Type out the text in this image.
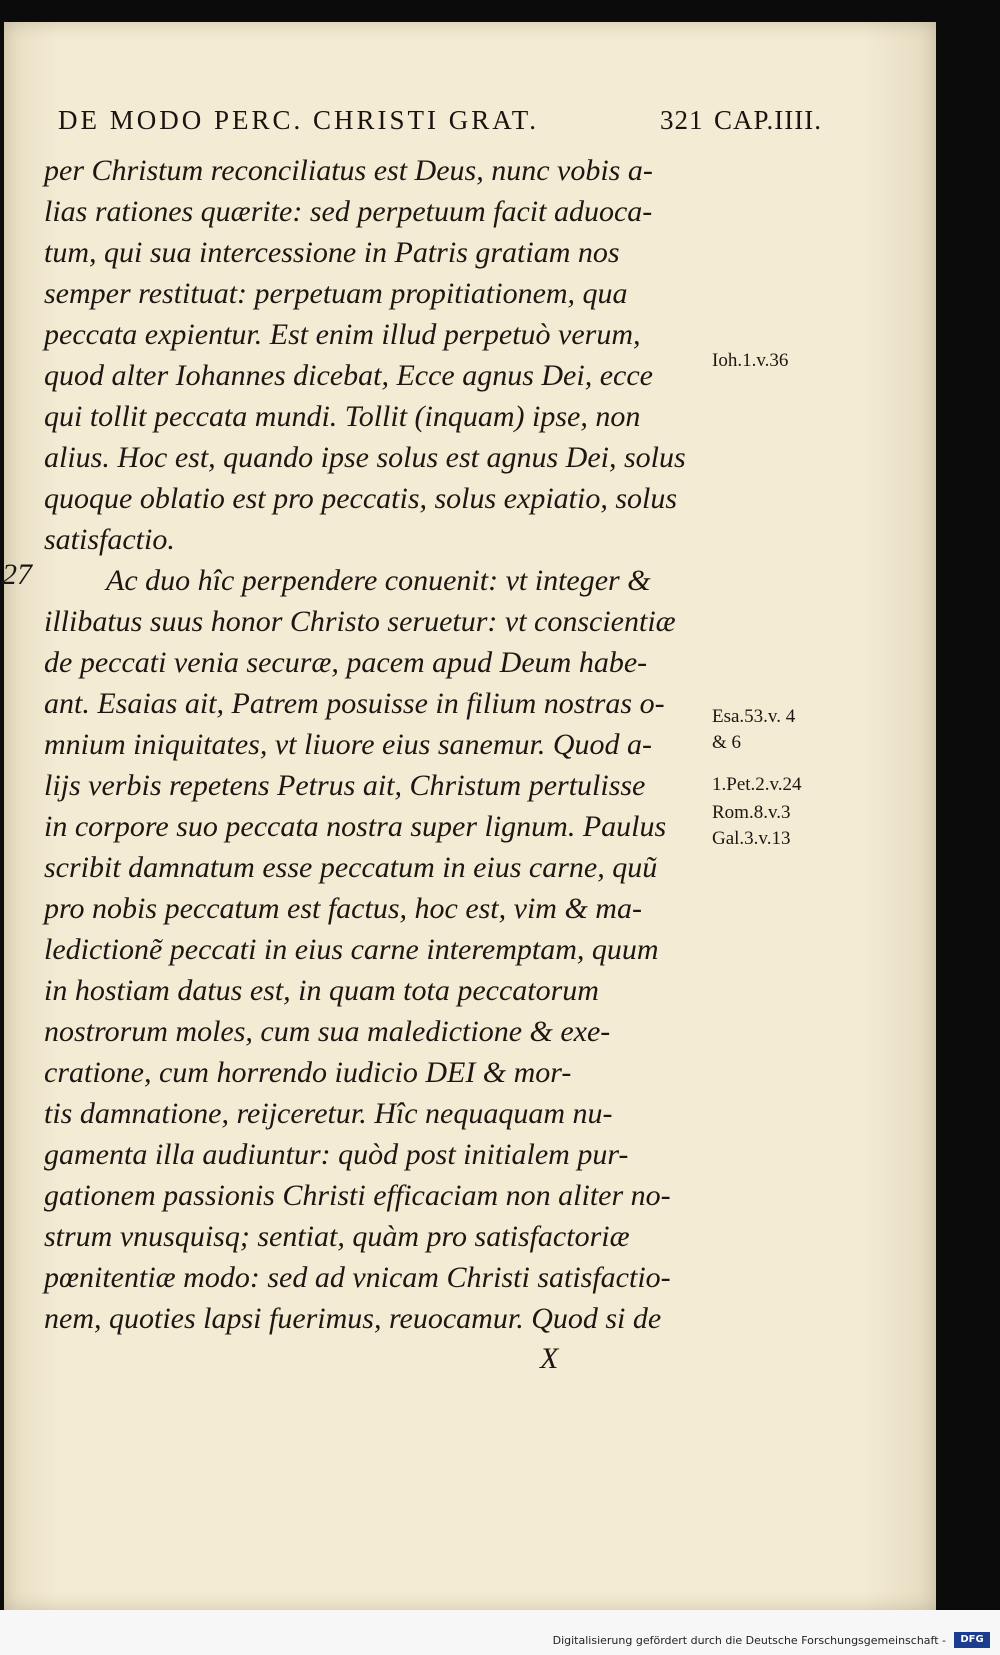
DE MODO PERC. CHRISTI GRAT.	321 CAP.IIII.
27
per Christum reconciliatus est Deus, nunc vobis a-
lias rationes quærite: sed perpetuum facit aduoca-
tum, qui sua intercessione in Patris gratiam nos
semper restituat: perpetuam propitiationem, qua
peccata expientur. Est enim illud perpetuò verum,
quod alter Iohannes dicebat, Ecce agnus Dei, ecce
qui tollit peccata mundi. Tollit (inquam) ipse, non
alius. Hoc est, quando ipse solus est agnus Dei, solus
quoque oblatio est pro peccatis, solus expiatio, solus
satisfactio.
Ac duo hîc perpendere conuenit: vt integer &
illibatus suus honor Christo seruetur: vt conscientiæ
de peccati venia securæ, pacem apud Deum habe-
ant. Esaias ait, Patrem posuisse in filium nostras o-
mnium iniquitates, vt liuore eius sanemur. Quod a-
lijs verbis repetens Petrus ait, Christum pertulisse
in corpore suo peccata nostra super lignum. Paulus
scribit damnatum esse peccatum in eius carne, quũ
pro nobis peccatum est factus, hoc est, vim & ma-
ledictionẽ peccati in eius carne interemptam, quum
in hostiam datus est, in quam tota peccatorum
nostrorum moles, cum sua maledictione & exe-
cratione, cum horrendo iudicio DEI & mor-
tis damnatione, reijceretur. Hîc nequaquam nu-
gamenta illa audiuntur: quòd post initialem pur-
gationem passionis Christi efficaciam non aliter no-
strum vnusquisq; sentiat, quàm pro satisfactoriæ
pœnitentiæ modo: sed ad vnicam Christi satisfactio-
nem, quoties lapsi fuerimus, reuocamur. Quod si de
Ioh.1.v.36
Esa.53.v. 4
& 6
1.Pet.2.v.24
Rom.8.v.3
Gal.3.v.13
X
Digitalisierung gefördert durch die Deutsche Forschungsgemeinschaft -	DFG
